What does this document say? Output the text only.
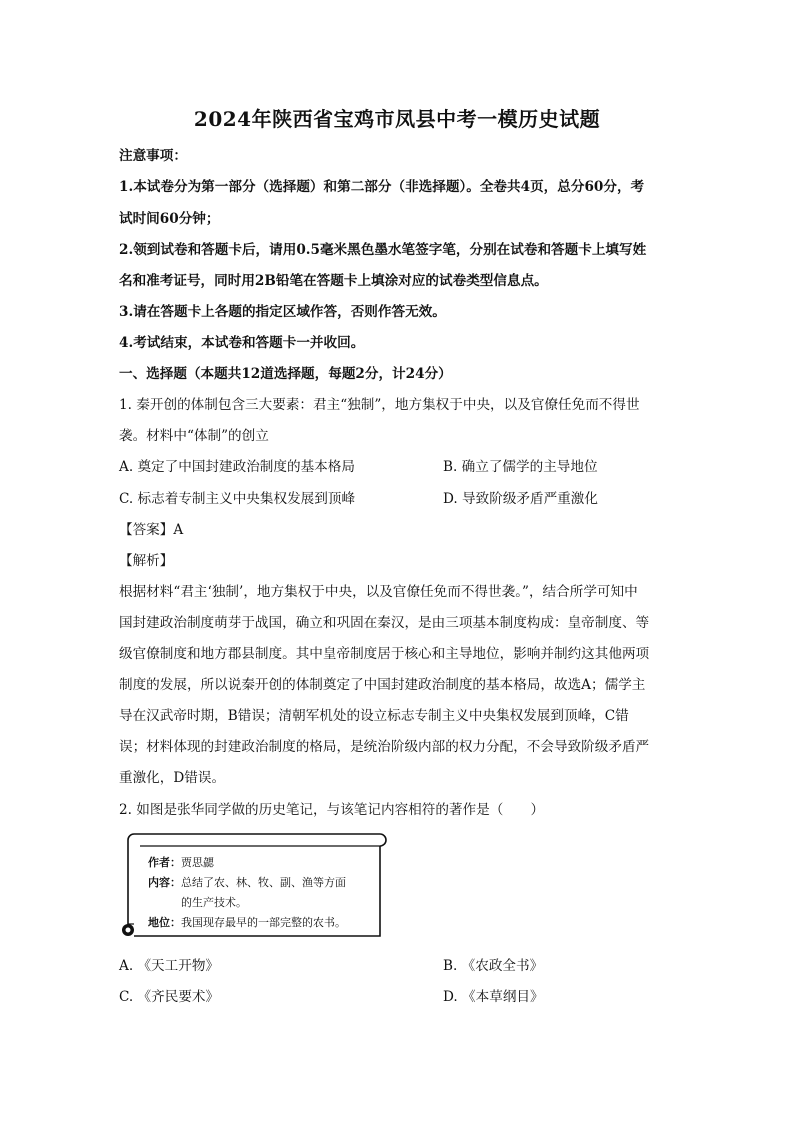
2024年陕西省宝鸡市凤县中考一模历史试题
注意事项：
1.本试卷分为第一部分（选择题）和第二部分（非选择题）。全卷共4页，总分60分，考
试时间60分钟；
2.领到试卷和答题卡后，请用0.5毫米黑色墨水笔签字笔，分别在试卷和答题卡上填写姓
名和准考证号，同时用2B铅笔在答题卡上填涂对应的试卷类型信息点。
3.请在答题卡上各题的指定区域作答，否则作答无效。
4.考试结束，本试卷和答题卡一并收回。
一、选择题（本题共12道选择题，每题2分，计24分）
1. 秦开创的体制包含三大要素：君主“独制”，地方集权于中央，以及官僚任免而不得世
袭。材料中“体制”的创立
A. 奠定了中国封建政治制度的基本格局	B. 确立了儒学的主导地位
C. 标志着专制主义中央集权发展到顶峰	D. 导致阶级矛盾严重激化
【答案】A
【解析】
根据材料“君主‘独制’，地方集权于中央，以及官僚任免而不得世袭。”，结合所学可知中
国封建政治制度萌芽于战国，确立和巩固在秦汉，是由三项基本制度构成：皇帝制度、等
级官僚制度和地方郡县制度。其中皇帝制度居于核心和主导地位，影响并制约这其他两项
制度的发展，所以说秦开创的体制奠定了中国封建政治制度的基本格局，故选A；儒学主
导在汉武帝时期，B错误；清朝军机处的设立标志专制主义中央集权发展到顶峰，C错
误；材料体现的封建政治制度的格局，是统治阶级内部的权力分配，不会导致阶级矛盾严
重激化，D错误。
2. 如图是张华同学做的历史笔记，与该笔记内容相符的著作是（　　）
作者：贾思勰
内容：总结了农、林、牧、副、渔等方面
的生产技术。
地位：我国现存最早的一部完整的农书。
A. 《天工开物》	B. 《农政全书》
C. 《齐民要术》	D. 《本草纲目》
